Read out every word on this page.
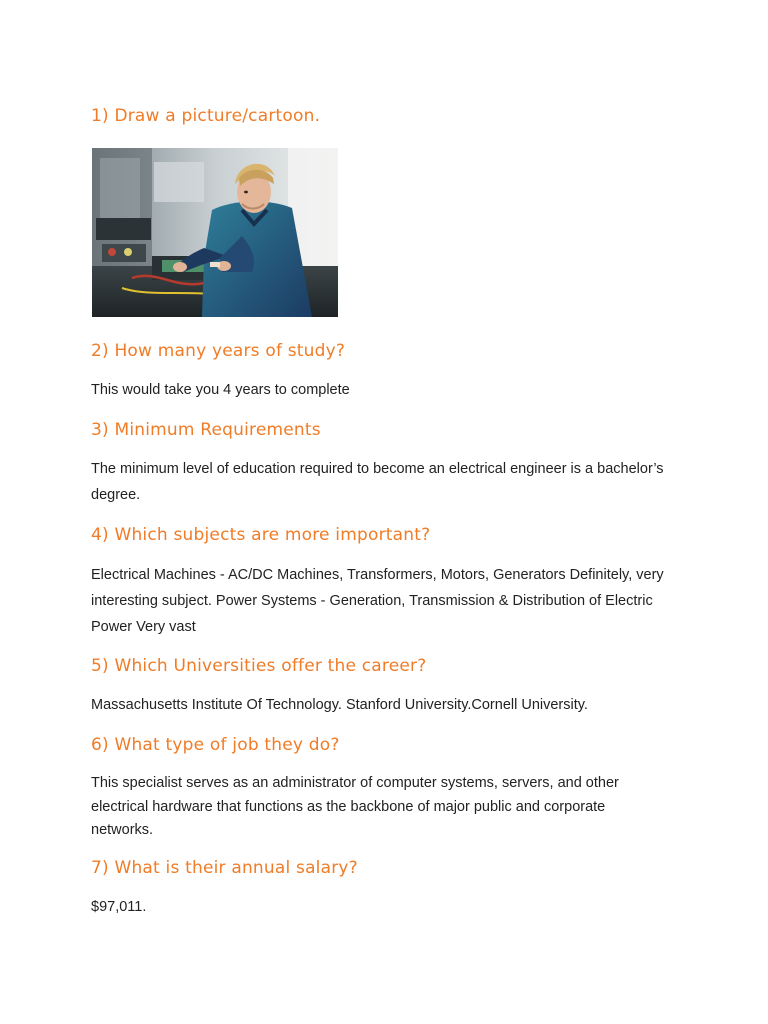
1) Draw a picture/cartoon.
2) How many years of study?

This would take you 4 years to complete

3) Minimum Requirements

The minimum level of education required to become an electrical engineer is a bachelor’s degree.

4) Which subjects are more important?

Electrical Machines - AC/DC Machines, Transformers, Motors, Generators Definitely, very interesting subject. Power Systems - Generation, Transmission & Distribution of Electric Power Very vast

5) Which Universities offer the career?

Massachusetts Institute Of Technology. Stanford University.Cornell University.

6) What type of job they do?

This specialist serves as an administrator of computer systems, servers, and other electrical hardware that functions as the backbone of major public and corporate networks.

7) What is their annual salary?

$97,011.
